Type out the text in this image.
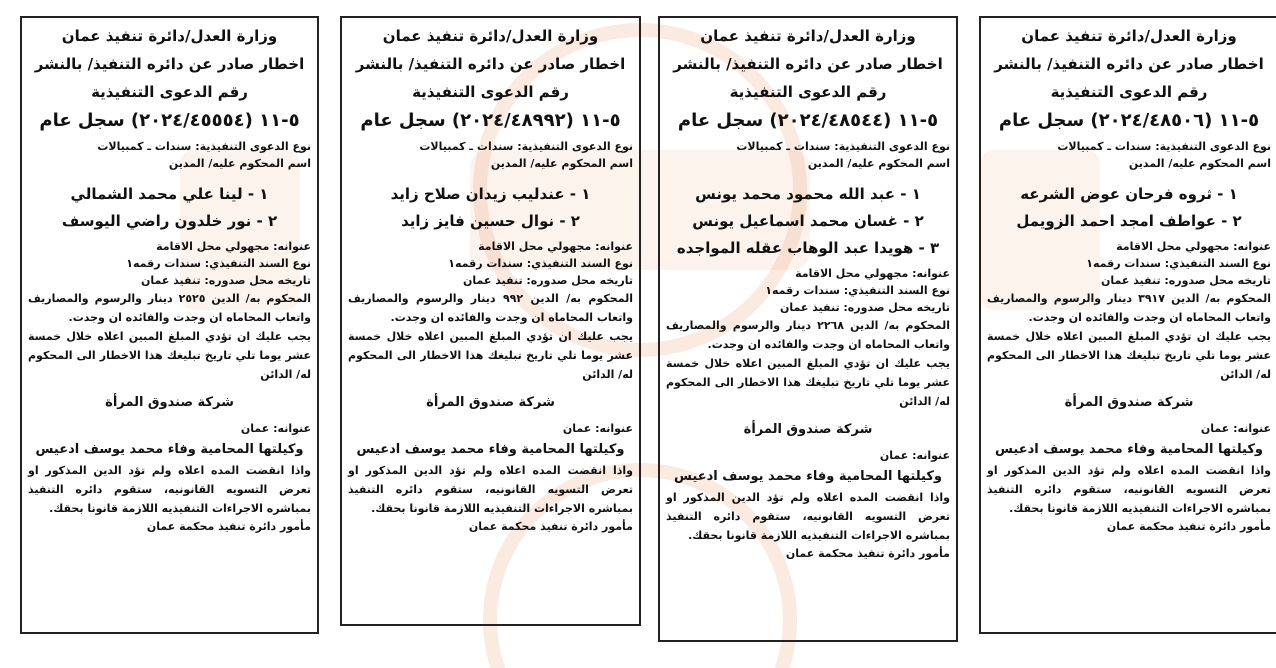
وزارة العدل/دائرة تنفيذ عمان
اخطار صادر عن دائره التنفيذ/ بالنشر
رقم الدعوى التنفيذية
٥-١١ (٢٠٢٤/٤٥٥٥٤) سجل عام
نوع الدعوى التنفيذية: سندات ـ كمبيالات
اسم المحكوم عليه/ المدين
١ - لينا علي محمد الشمالي
٢ - نور خلدون راضي اليوسف
عنوانه: مجهولي محل الاقامة
نوع السند التنفيذي: سندات رقمه١
تاريخه محل صدوره: تنفيذ عمان
المحكوم به/ الدين ٢٥٢٥ دينار والرسوم والمصاريف واتعاب المحاماه ان وجدت والفائده ان وجدت.
يجب عليك ان تؤدي المبلغ المبين اعلاه خلال خمسة عشر يوما تلي تاريخ تبليغك هذا الاخطار الى المحكوم له/ الدائن
شركة صندوق المرأة
عنوانه: عمان
وكيلتها المحامية وفاء محمد يوسف ادعيس
واذا انقضت المده اعلاه ولم تؤد الدين المذكور او تعرض التسويه القانونيه، ستقوم دائره التنفيذ بمباشره الاجراءات التنفيذيه اللازمة قانونا بحقك.
مأمور دائرة تنفيذ محكمة عمان
وزارة العدل/دائرة تنفيذ عمان
اخطار صادر عن دائره التنفيذ/ بالنشر
رقم الدعوى التنفيذية
٥-١١ (٢٠٢٤/٤٨٩٩٢) سجل عام
نوع الدعوى التنفيذية: سندات ـ كمبيالات
اسم المحكوم عليه/ المدين
١ - عندليب زيدان صلاح زايد
٢ - نوال حسين فايز زايد
عنوانه: مجهولي محل الاقامة
نوع السند التنفيذي: سندات رقمه١
تاريخه محل صدوره: تنفيذ عمان
المحكوم به/ الدين ٩٩٢ دينار والرسوم والمصاريف واتعاب المحاماه ان وجدت والفائده ان وجدت.
يجب عليك ان تؤدي المبلغ المبين اعلاه خلال خمسة عشر يوما تلي تاريخ تبليغك هذا الاخطار الى المحكوم له/ الدائن
شركة صندوق المرأة
عنوانه: عمان
وكيلتها المحامية وفاء محمد يوسف ادعيس
واذا انقضت المده اعلاه ولم تؤد الدين المذكور او تعرض التسويه القانونيه، ستقوم دائره التنفيذ بمباشره الاجراءات التنفيذيه اللازمة قانونا بحقك.
مأمور دائرة تنفيذ محكمة عمان
وزارة العدل/دائرة تنفيذ عمان
اخطار صادر عن دائره التنفيذ/ بالنشر
رقم الدعوى التنفيذية
٥-١١ (٢٠٢٤/٤٨٥٤٤) سجل عام
نوع الدعوى التنفيذية: سندات ـ كمبيالات
اسم المحكوم عليه/ المدين
١ - عبد الله محمود محمد يونس
٢ - غسان محمد اسماعيل يونس
٣ - هويدا عبد الوهاب عقله المواجده
عنوانه: مجهولي محل الاقامة
نوع السند التنفيذي: سندات رقمه١
تاريخه محل صدوره: تنفيذ عمان
المحكوم به/ الدين ٢٢٦٨ دينار والرسوم والمصاريف واتعاب المحاماه ان وجدت والفائده ان وجدت.
يجب عليك ان تؤدي المبلغ المبين اعلاه خلال خمسة عشر يوما تلي تاريخ تبليغك هذا الاخطار الى المحكوم له/ الدائن
شركة صندوق المرأة
عنوانه: عمان
وكيلتها المحامية وفاء محمد يوسف ادعيس
واذا انقضت المده اعلاه ولم تؤد الدين المذكور او تعرض التسويه القانونيه، ستقوم دائره التنفيذ بمباشره الاجراءات التنفيذيه اللازمة قانونا بحقك.
مأمور دائرة تنفيذ محكمة عمان
وزارة العدل/دائرة تنفيذ عمان
اخطار صادر عن دائره التنفيذ/ بالنشر
رقم الدعوى التنفيذية
٥-١١ (٢٠٢٤/٤٨٥٠٦) سجل عام
نوع الدعوى التنفيذية: سندات ـ كمبيالات
اسم المحكوم عليه/ المدين
١ - ثروه فرحان عوض الشرعه
٢ - عواطف امجد احمد الزويمل
عنوانه: مجهولي محل الاقامة
نوع السند التنفيذي: سندات رقمه١
تاريخه محل صدوره: تنفيذ عمان
المحكوم به/ الدين ٣٩١٧ دينار والرسوم والمصاريف واتعاب المحاماه ان وجدت والفائده ان وجدت.
يجب عليك ان تؤدي المبلغ المبين اعلاه خلال خمسة عشر يوما تلي تاريخ تبليغك هذا الاخطار الى المحكوم له/ الدائن
شركة صندوق المرأة
عنوانه: عمان
وكيلتها المحامية وفاء محمد يوسف ادعيس
واذا انقضت المده اعلاه ولم تؤد الدين المذكور او تعرض التسويه القانونيه، ستقوم دائره التنفيذ بمباشره الاجراءات التنفيذيه اللازمة قانونا بحقك.
مأمور دائرة تنفيذ محكمة عمان
